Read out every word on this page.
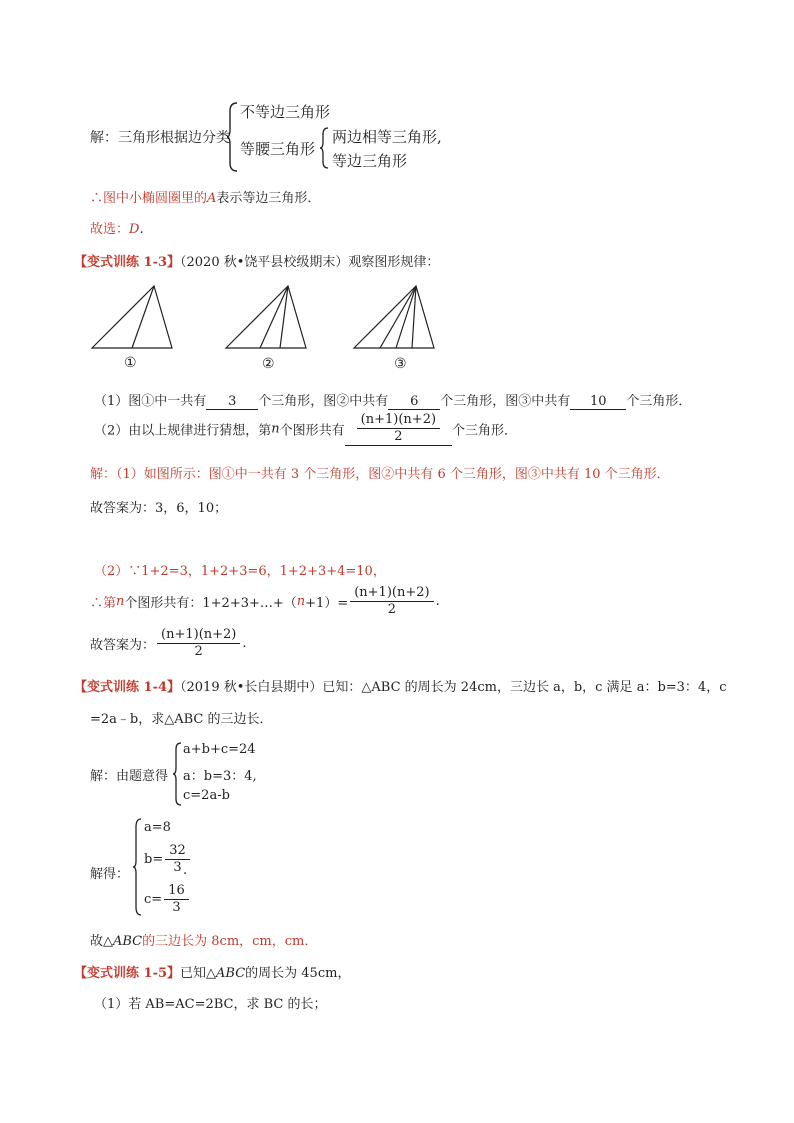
解：三角形根据边分类
不等边三角形
等腰三角形
两边相等三角形,
等边三角形
∴图中小椭圆圈里的A表示等边三角形．
故选：D.
【变式训练 1-3】（2020 秋•饶平县校级期末）观察图形规律：
①	②	③
（1）图①中一共有 3 个三角形，图②中共有 6 个三角形，图③中共有 10 个三角形．
（2）由以上规律进行猜想，第n个图形共有 $\frac{(n+1)(n+2)}{2}$ 个三角形．
解：（1）如图所示：图①中一共有 3 个三角形，图②中共有 6 个三角形，图③中共有 10 个三角形．
故答案为：3，6，10；
（2）∵1+2=3，1+2+3=6，1+2+3+4=10，
∴第n个图形共有：1+2+3+…+（n+1）= $\frac{(n+1)(n+2)}{2}$ .
故答案为： $\frac{(n+1)(n+2)}{2}$ .
【变式训练 1-4】（2019 秋•长白县期中）已知：△ABC 的周长为 24cm，三边长 a，b，c 满足 a：b=3：4，c
=2a﹣b，求△ABC 的三边长．
解：由题意得
a+b+c=24
a：b=3：4,
c=2a-b
解得：
a=8
$b= \frac{32}{3}$
.
$c= \frac{16}{3}$
故△ABC的三边长为 8cm，cm，cm．
【变式训练 1-5】已知△ABC的周长为 45cm，
（1）若 AB=AC=2BC，求 BC 的长；
